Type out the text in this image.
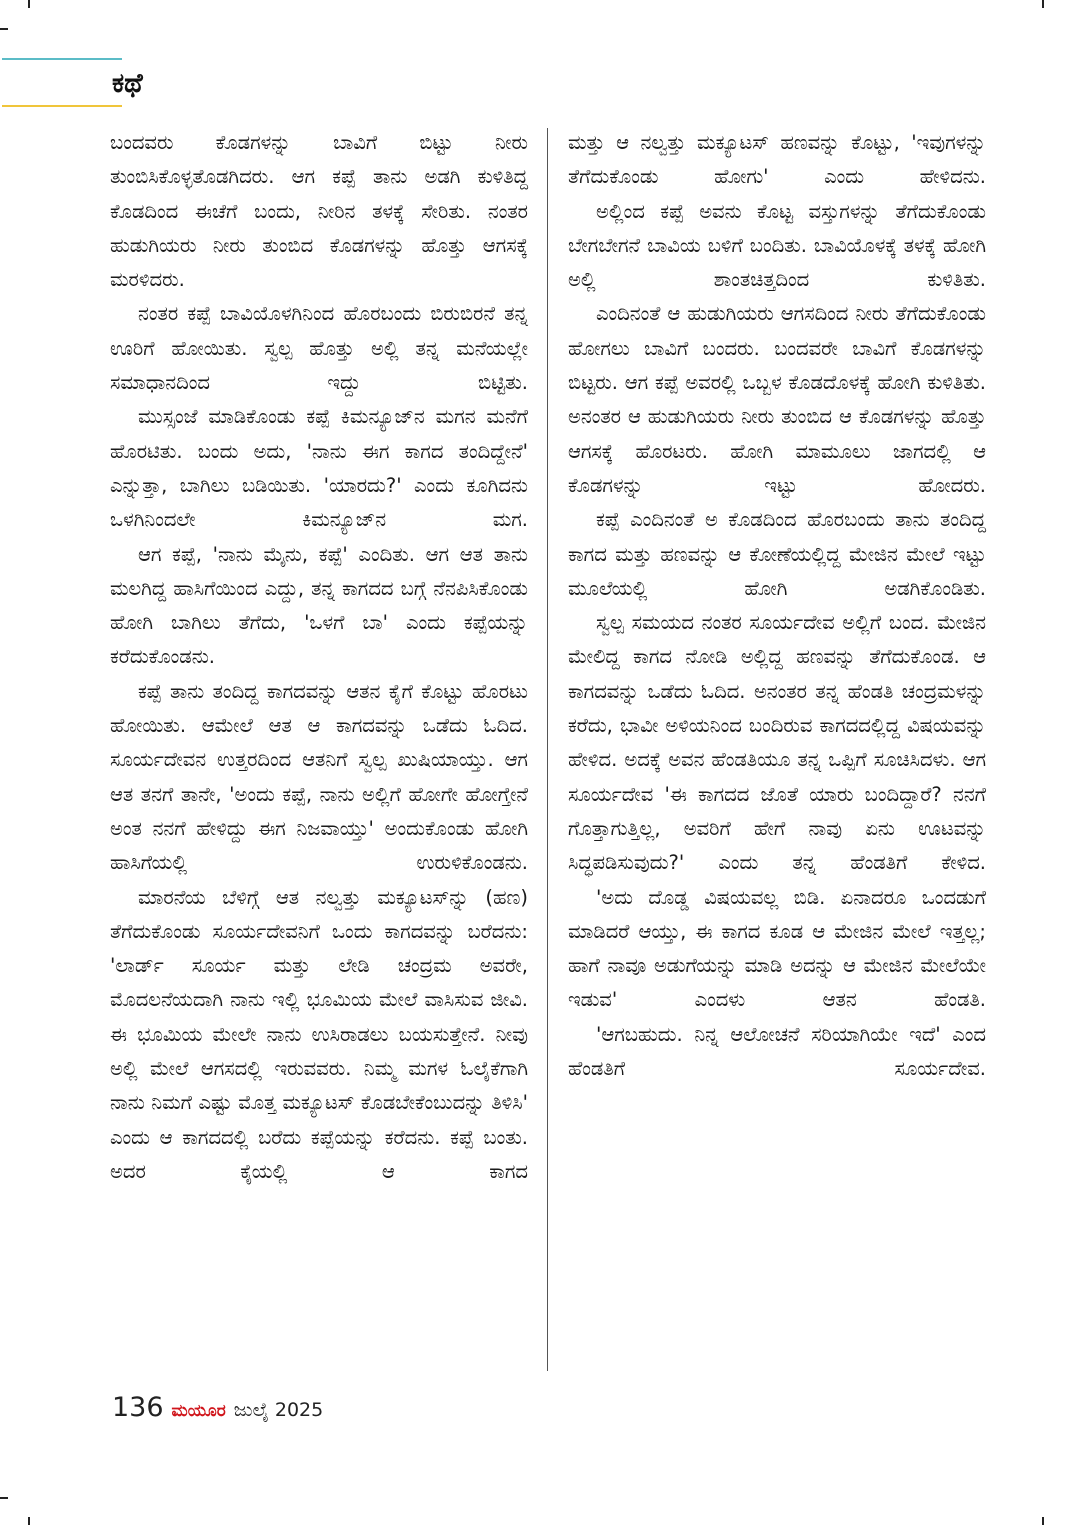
ಕಥೆ

ಬಂದವರು ಕೊಡಗಳನ್ನು ಬಾವಿಗೆ ಬಿಟ್ಟು ನೀರು ತುಂಬಿಸಿಕೊಳ್ಳತೊಡಗಿದರು. ಆಗ ಕಪ್ಪೆ ತಾನು ಅಡಗಿ ಕುಳಿತಿದ್ದ ಕೊಡದಿಂದ ಈಚೆಗೆ ಬಂದು, ನೀರಿನ ತಳಕ್ಕೆ ಸೇರಿತು. ನಂತರ ಹುಡುಗಿಯರು ನೀರು ತುಂಬಿದ ಕೊಡಗಳನ್ನು ಹೊತ್ತು ಆಗಸಕ್ಕೆ ಮರಳಿದರು.

ನಂತರ ಕಪ್ಪೆ ಬಾವಿಯೊಳಗಿನಿಂದ ಹೊರಬಂದು ಬಿರುಬಿರನೆ ತನ್ನ ಊರಿಗೆ ಹೋಯಿತು. ಸ್ವಲ್ಪ ಹೊತ್ತು ಅಲ್ಲಿ ತನ್ನ ಮನೆಯಲ್ಲೇ ಸಮಾಧಾನದಿಂದ ಇದ್ದು ಬಿಟ್ಟಿತು.

ಮುಸ್ಸಂಜೆ ಮಾಡಿಕೊಂಡು ಕಪ್ಪೆ ಕಿಮನ್ಯೂಜ್‌ನ ಮಗನ ಮನೆಗೆ ಹೊರಟಿತು. ಬಂದು ಅದು, 'ನಾನು ಈಗ ಕಾಗದ ತಂದಿದ್ದೇನೆ' ಎನ್ನುತ್ತಾ, ಬಾಗಿಲು ಬಡಿಯಿತು. 'ಯಾರದು?' ಎಂದು ಕೂಗಿದನು ಒಳಗಿನಿಂದಲೇ ಕಿಮನ್ಯೂಜ್‌ನ ಮಗ.

ಆಗ ಕಪ್ಪೆ, 'ನಾನು ಮೈನು, ಕಪ್ಪೆ' ಎಂದಿತು. ಆಗ ಆತ ತಾನು ಮಲಗಿದ್ದ ಹಾಸಿಗೆಯಿಂದ ಎದ್ದು, ತನ್ನ ಕಾಗದದ ಬಗ್ಗೆ ನೆನಪಿಸಿಕೊಂಡು ಹೋಗಿ ಬಾಗಿಲು ತೆಗೆದು, 'ಒಳಗೆ ಬಾ' ಎಂದು ಕಪ್ಪೆಯನ್ನು ಕರೆದುಕೊಂಡನು.

ಕಪ್ಪೆ ತಾನು ತಂದಿದ್ದ ಕಾಗದವನ್ನು ಆತನ ಕೈಗೆ ಕೊಟ್ಟು ಹೊರಟು ಹೋಯಿತು. ಆಮೇಲೆ ಆತ ಆ ಕಾಗದವನ್ನು ಒಡೆದು ಓದಿದ. ಸೂರ್ಯದೇವನ ಉತ್ತರದಿಂದ ಆತನಿಗೆ ಸ್ವಲ್ಪ ಖುಷಿಯಾಯ್ತು. ಆಗ ಆತ ತನಗೆ ತಾನೇ, 'ಅಂದು ಕಪ್ಪೆ, ನಾನು ಅಲ್ಲಿಗೆ ಹೋಗೇ ಹೋಗ್ತೇನೆ ಅಂತ ನನಗೆ ಹೇಳಿದ್ದು ಈಗ ನಿಜವಾಯ್ತು' ಅಂದುಕೊಂಡು ಹೋಗಿ ಹಾಸಿಗೆಯಲ್ಲಿ ಉರುಳಿಕೊಂಡನು.

ಮಾರನೆಯ ಬೆಳಿಗ್ಗೆ ಆತ ನಲ್ವತ್ತು ಮಕ್ಯೂಟಸ್‌ನ್ನು (ಹಣ) ತೆಗೆದುಕೊಂಡು ಸೂರ್ಯದೇವನಿಗೆ ಒಂದು ಕಾಗದವನ್ನು ಬರೆದನು: 'ಲಾರ್ಡ್ ಸೂರ್ಯ ಮತ್ತು ಲೇಡಿ ಚಂದ್ರಮ ಅವರೇ, ಮೊದಲನೆಯದಾಗಿ ನಾನು ಇಲ್ಲಿ ಭೂಮಿಯ ಮೇಲೆ ವಾಸಿಸುವ ಜೀವಿ. ಈ ಭೂಮಿಯ ಮೇಲೇ ನಾನು ಉಸಿರಾಡಲು ಬಯಸುತ್ತೇನೆ. ನೀವು ಅಲ್ಲಿ ಮೇಲೆ ಆಗಸದಲ್ಲಿ ಇರುವವರು. ನಿಮ್ಮ ಮಗಳ ಓಲೈಕೆಗಾಗಿ ನಾನು ನಿಮಗೆ ಎಷ್ಟು ಮೊತ್ತ ಮಕ್ಯೂಟಸ್ ಕೊಡಬೇಕೆಂಬುದನ್ನು ತಿಳಿಸಿ' ಎಂದು ಆ ಕಾಗದದಲ್ಲಿ ಬರೆದು ಕಪ್ಪೆಯನ್ನು ಕರೆದನು. ಕಪ್ಪೆ ಬಂತು. ಅದರ ಕೈಯಲ್ಲಿ ಆ ಕಾಗದ

ಮತ್ತು ಆ ನಲ್ವತ್ತು ಮಕ್ಯೂಟಸ್ ಹಣವನ್ನು ಕೊಟ್ಟು, 'ಇವುಗಳನ್ನು ತೆಗೆದುಕೊಂಡು ಹೋಗು' ಎಂದು ಹೇಳಿದನು.

ಅಲ್ಲಿಂದ ಕಪ್ಪೆ ಅವನು ಕೊಟ್ಟ ವಸ್ತುಗಳನ್ನು ತೆಗೆದುಕೊಂಡು ಬೇಗಬೇಗನೆ ಬಾವಿಯ ಬಳಿಗೆ ಬಂದಿತು. ಬಾವಿಯೊಳಕ್ಕೆ ತಳಕ್ಕೆ ಹೋಗಿ ಅಲ್ಲಿ ಶಾಂತಚಿತ್ತದಿಂದ ಕುಳಿತಿತು.

ಎಂದಿನಂತೆ ಆ ಹುಡುಗಿಯರು ಆಗಸದಿಂದ ನೀರು ತೆಗೆದುಕೊಂಡು ಹೋಗಲು ಬಾವಿಗೆ ಬಂದರು. ಬಂದವರೇ ಬಾವಿಗೆ ಕೊಡಗಳನ್ನು ಬಿಟ್ಟರು. ಆಗ ಕಪ್ಪೆ ಅವರಲ್ಲಿ ಒಬ್ಬಳ ಕೊಡದೊಳಕ್ಕೆ ಹೋಗಿ ಕುಳಿತಿತು. ಅನಂತರ ಆ ಹುಡುಗಿಯರು ನೀರು ತುಂಬಿದ ಆ ಕೊಡಗಳನ್ನು ಹೊತ್ತು ಆಗಸಕ್ಕೆ ಹೊರಟರು. ಹೋಗಿ ಮಾಮೂಲು ಜಾಗದಲ್ಲಿ ಆ ಕೊಡಗಳನ್ನು ಇಟ್ಟು ಹೋದರು.

ಕಪ್ಪೆ ಎಂದಿನಂತೆ ಅ ಕೊಡದಿಂದ ಹೊರಬಂದು ತಾನು ತಂದಿದ್ದ ಕಾಗದ ಮತ್ತು ಹಣವನ್ನು ಆ ಕೋಣೆಯಲ್ಲಿದ್ದ ಮೇಜಿನ ಮೇಲೆ ಇಟ್ಟು ಮೂಲೆಯಲ್ಲಿ ಹೋಗಿ ಅಡಗಿಕೊಂಡಿತು.

ಸ್ವಲ್ಪ ಸಮಯದ ನಂತರ ಸೂರ್ಯದೇವ ಅಲ್ಲಿಗೆ ಬಂದ. ಮೇಜಿನ ಮೇಲಿದ್ದ ಕಾಗದ ನೋಡಿ ಅಲ್ಲಿದ್ದ ಹಣವನ್ನು ತೆಗೆದುಕೊಂಡ. ಆ ಕಾಗದವನ್ನು ಒಡೆದು ಓದಿದ. ಅನಂತರ ತನ್ನ ಹೆಂಡತಿ ಚಂದ್ರಮಳನ್ನು ಕರೆದು, ಭಾವೀ ಅಳಿಯನಿಂದ ಬಂದಿರುವ ಕಾಗದದಲ್ಲಿದ್ದ ವಿಷಯವನ್ನು ಹೇಳಿದ. ಅದಕ್ಕೆ ಅವನ ಹೆಂಡತಿಯೂ ತನ್ನ ಒಪ್ಪಿಗೆ ಸೂಚಿಸಿದಳು. ಆಗ ಸೂರ್ಯದೇವ 'ಈ ಕಾಗದದ ಜೊತೆ ಯಾರು ಬಂದಿದ್ದಾರೆ? ನನಗೆ ಗೊತ್ತಾಗುತ್ತಿಲ್ಲ, ಅವರಿಗೆ ಹೇಗೆ ನಾವು ಏನು ಊಟವನ್ನು ಸಿದ್ಧಪಡಿಸುವುದು?' ಎಂದು ತನ್ನ ಹೆಂಡತಿಗೆ ಕೇಳಿದ.

'ಅದು ದೊಡ್ಡ ವಿಷಯವಲ್ಲ ಬಿಡಿ. ಏನಾದರೂ ಒಂದಡುಗೆ ಮಾಡಿದರೆ ಆಯ್ತು, ಈ ಕಾಗದ ಕೂಡ ಆ ಮೇಜಿನ ಮೇಲೆ ಇತ್ತಲ್ಲ; ಹಾಗೆ ನಾವೂ ಅಡುಗೆಯನ್ನು ಮಾಡಿ ಅದನ್ನು ಆ ಮೇಜಿನ ಮೇಲೆಯೇ ಇಡುವ' ಎಂದಳು ಆತನ ಹೆಂಡತಿ.

'ಆಗಬಹುದು. ನಿನ್ನ ಆಲೋಚನೆ ಸರಿಯಾಗಿಯೇ ಇದೆ' ಎಂದ ಹೆಂಡತಿಗೆ ಸೂರ್ಯದೇವ.

136 ಮಯೂರ ಜುಲೈ 2025
